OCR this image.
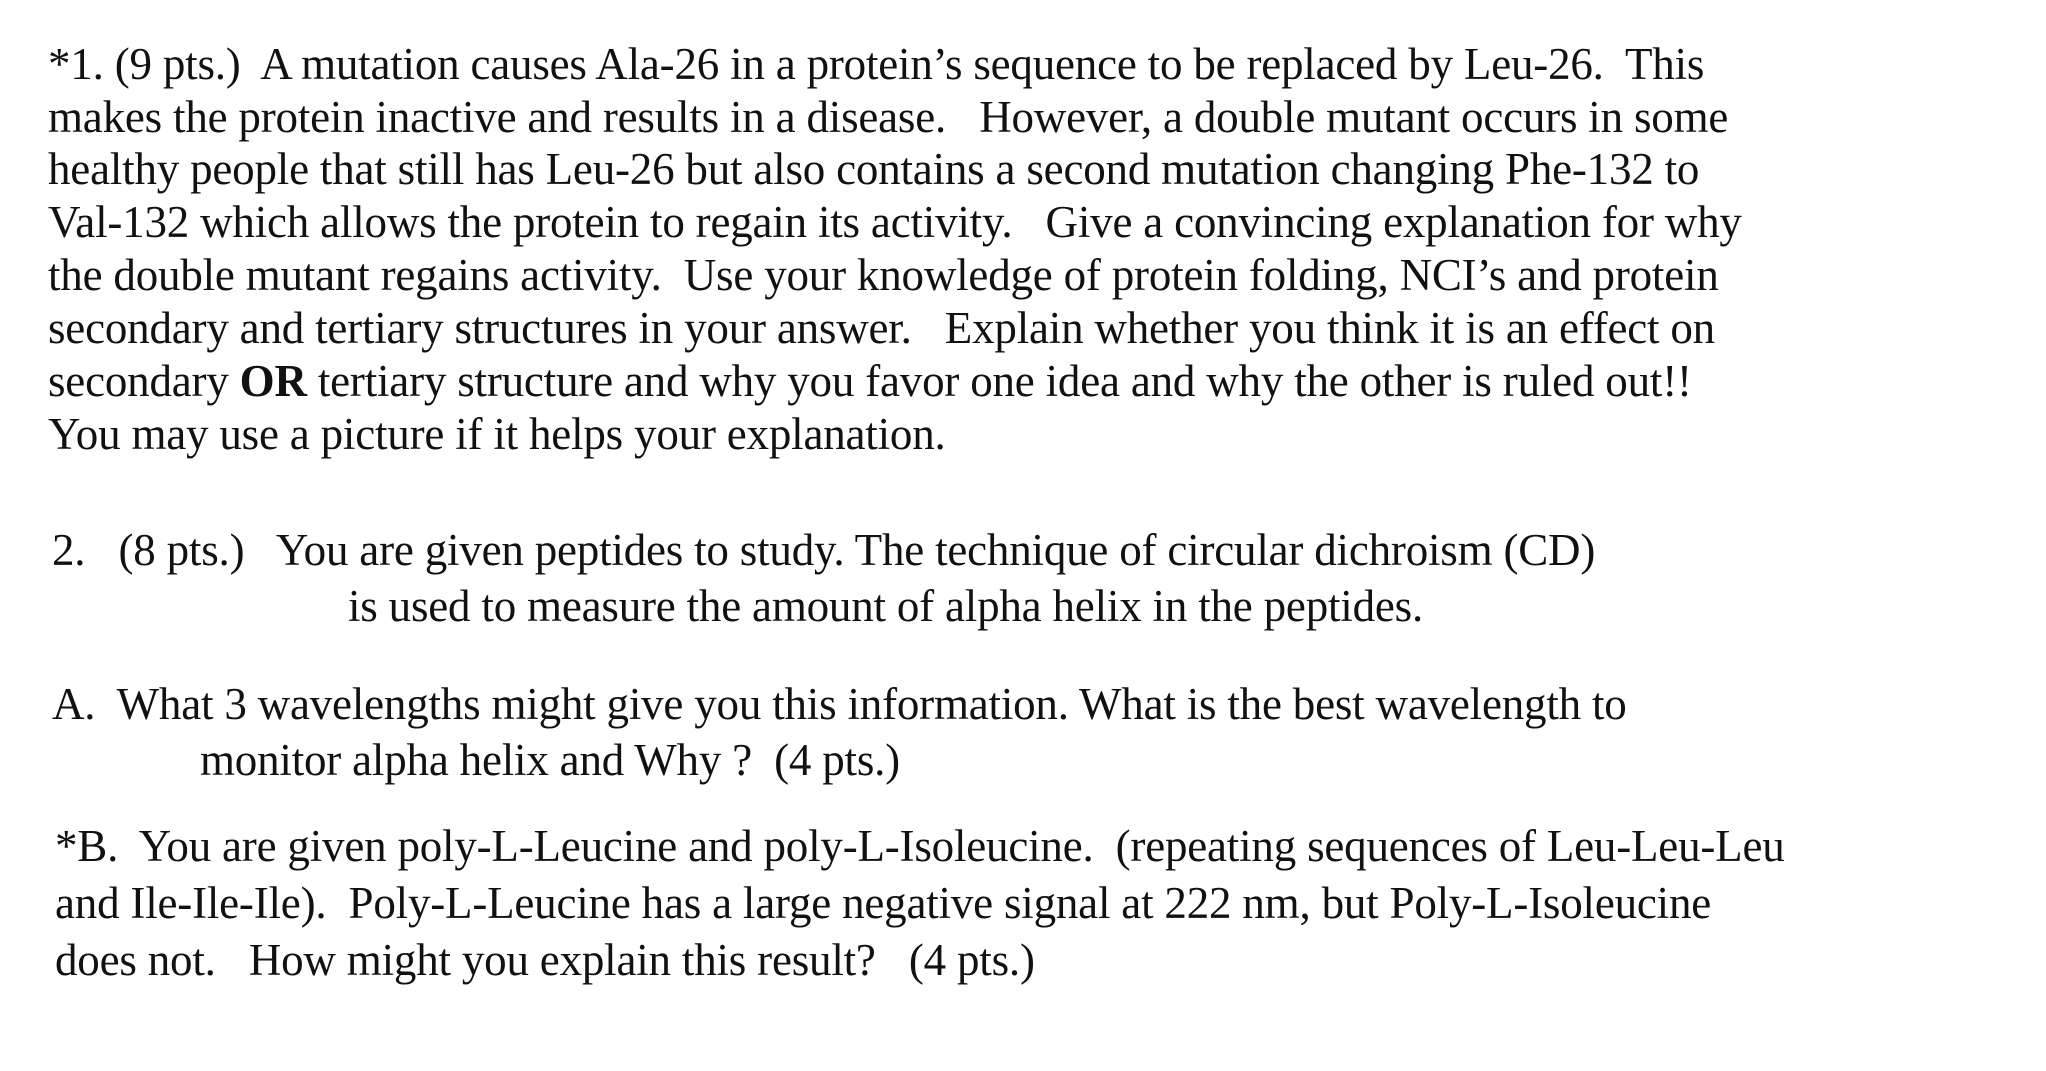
*1. (9 pts.)  A mutation causes Ala-26 in a protein’s sequence to be replaced by Leu-26.  This
makes the protein inactive and results in a disease.   However, a double mutant occurs in some
healthy people that still has Leu-26 but also contains a second mutation changing Phe-132 to
Val-132 which allows the protein to regain its activity.   Give a convincing explanation for why
the double mutant regains activity.  Use your knowledge of protein folding, NCI’s and protein
secondary and tertiary structures in your answer.   Explain whether you think it is an effect on
secondary OR tertiary structure and why you favor one idea and why the other is ruled out!!
You may use a picture if it helps your explanation.
2.   (8 pts.)   You are given peptides to study. The technique of circular dichroism (CD)
is used to measure the amount of alpha helix in the peptides.
A.  What 3 wavelengths might give you this information. What is the best wavelength to
monitor alpha helix and Why ?  (4 pts.)
*B.  You are given poly-L-Leucine and poly-L-Isoleucine.  (repeating sequences of Leu-Leu-Leu
and Ile-Ile-Ile).  Poly-L-Leucine has a large negative signal at 222 nm, but Poly-L-Isoleucine
does not.   How might you explain this result?   (4 pts.)
